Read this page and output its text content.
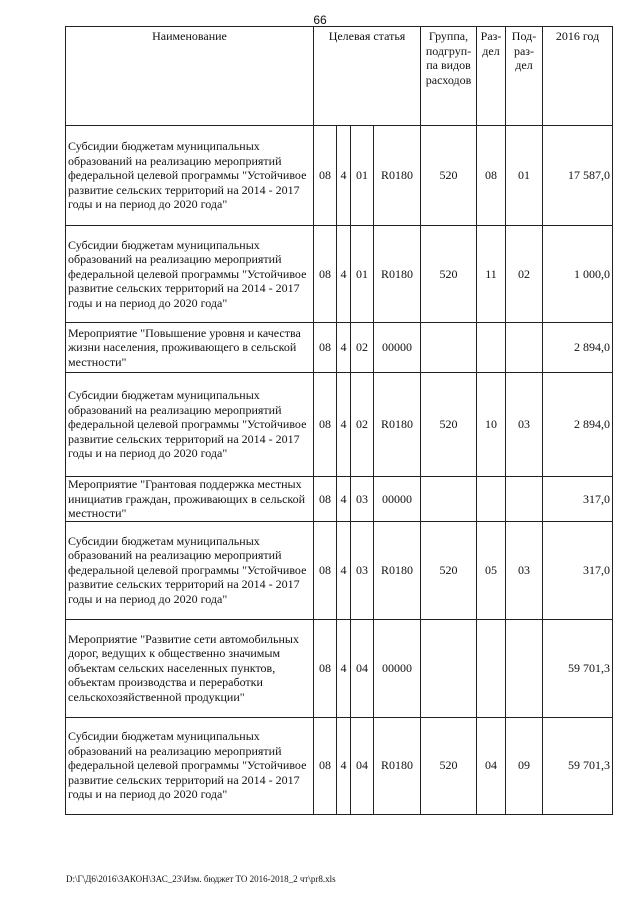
66
Наименование	Целевая статья				Группа, подгруп-па видов расходов	Раз-дел	Под-раз-дел	2016 год
Субсидии бюджетам муниципальных образований на реализацию мероприятий федеральной целевой программы "Устойчивое развитие сельских территорий на 2014 - 2017 годы и на период до 2020 года"	08	4	01	R0180	520	08	01	17 587,0
Субсидии бюджетам муниципальных образований на реализацию мероприятий федеральной целевой программы "Устойчивое развитие сельских территорий на 2014 - 2017 годы и на период до 2020 года"	08	4	01	R0180	520	11	02	1 000,0
Мероприятие "Повышение уровня и качества жизни населения, проживающего в сельской местности"	08	4	02	00000				2 894,0
Субсидии бюджетам муниципальных образований на реализацию мероприятий федеральной целевой программы "Устойчивое развитие сельских территорий на 2014 - 2017 годы и на период до 2020 года"	08	4	02	R0180	520	10	03	2 894,0
Мероприятие "Грантовая поддержка местных инициатив граждан, проживающих в сельской местности"	08	4	03	00000				317,0
Субсидии бюджетам муниципальных образований на реализацию мероприятий федеральной целевой программы "Устойчивое развитие сельских территорий на 2014 - 2017 годы и на период до 2020 года"	08	4	03	R0180	520	05	03	317,0
Мероприятие "Развитие сети автомобильных дорог, ведущих к общественно значимым объектам сельских населенных пунктов, объектам производства и переработки сельскохозяйственной продукции"	08	4	04	00000				59 701,3
Субсидии бюджетам муниципальных образований на реализацию мероприятий федеральной целевой программы "Устойчивое развитие сельских территорий на 2014 - 2017 годы и на период до 2020 года"	08	4	04	R0180	520	04	09	59 701,3
D:\Г\Д6\2016\ЗАКОН\ЗАС_23\Изм. бюджет ТО 2016-2018_2 чт\pr8.xls
